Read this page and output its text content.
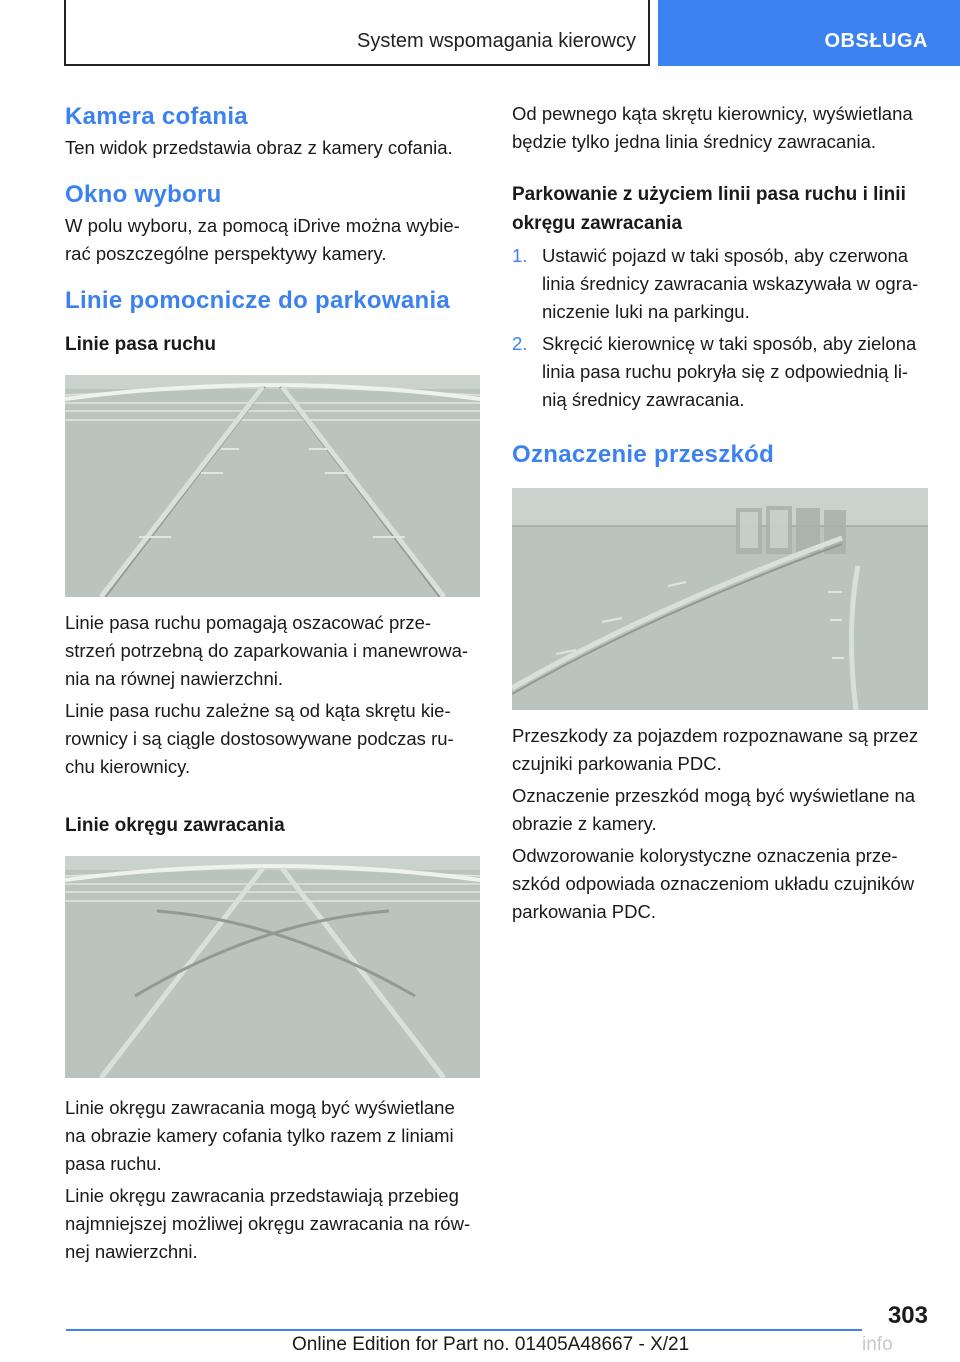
System wspomagania kierowcy	OBSŁUGA
Kamera cofania

Ten widok przedstawia obraz z kamery cofania.

Okno wyboru

W polu wyboru, za pomocą iDrive można wybie‐ rać poszczególne perspektywy kamery.

Linie pomocnicze do parkowania
Linie pasa ruchu

Linie pasa ruchu pomagają oszacować prze‐ strzeń potrzebną do zaparkowania i manewrowa‐ nia na równej nawierzchni.

Linie pasa ruchu zależne są od kąta skrętu kie‐ rownicy i są ciągle dostosowywane podczas ru‐ chu kierownicy.

Linie okręgu zawracania

Linie okręgu zawracania mogą być wyświetlane na obrazie kamery cofania tylko razem z liniami pasa ruchu.

Linie okręgu zawracania przedstawiają przebieg najmniejszej możliwej okręgu zawracania na rów‐ nej nawierzchni.

Od pewnego kąta skrętu kierownicy, wyświetlana będzie tylko jedna linia średnicy zawracania.

Parkowanie z użyciem linii pasa ruchu i linii okręgu zawracania
1. Ustawić pojazd w taki sposób, aby czerwona linia średnicy zawracania wskazywała w ogra‐ niczenie luki na parkingu.
2. Skręcić kierownicę w taki sposób, aby zielona linia pasa ruchu pokryła się z odpowiednią li‐ nią średnicy zawracania.
Oznaczenie przeszkód

Przeszkody za pojazdem rozpoznawane są przez czujniki parkowania PDC.

Oznaczenie przeszkód mogą być wyświetlane na obrazie z kamery.

Odwzorowanie kolorystyczne oznaczenia prze‐ szkód odpowiada oznaczeniom układu czujników parkowania PDC.

303
Online Edition for Part no. 01405A48667 - X/21	info
